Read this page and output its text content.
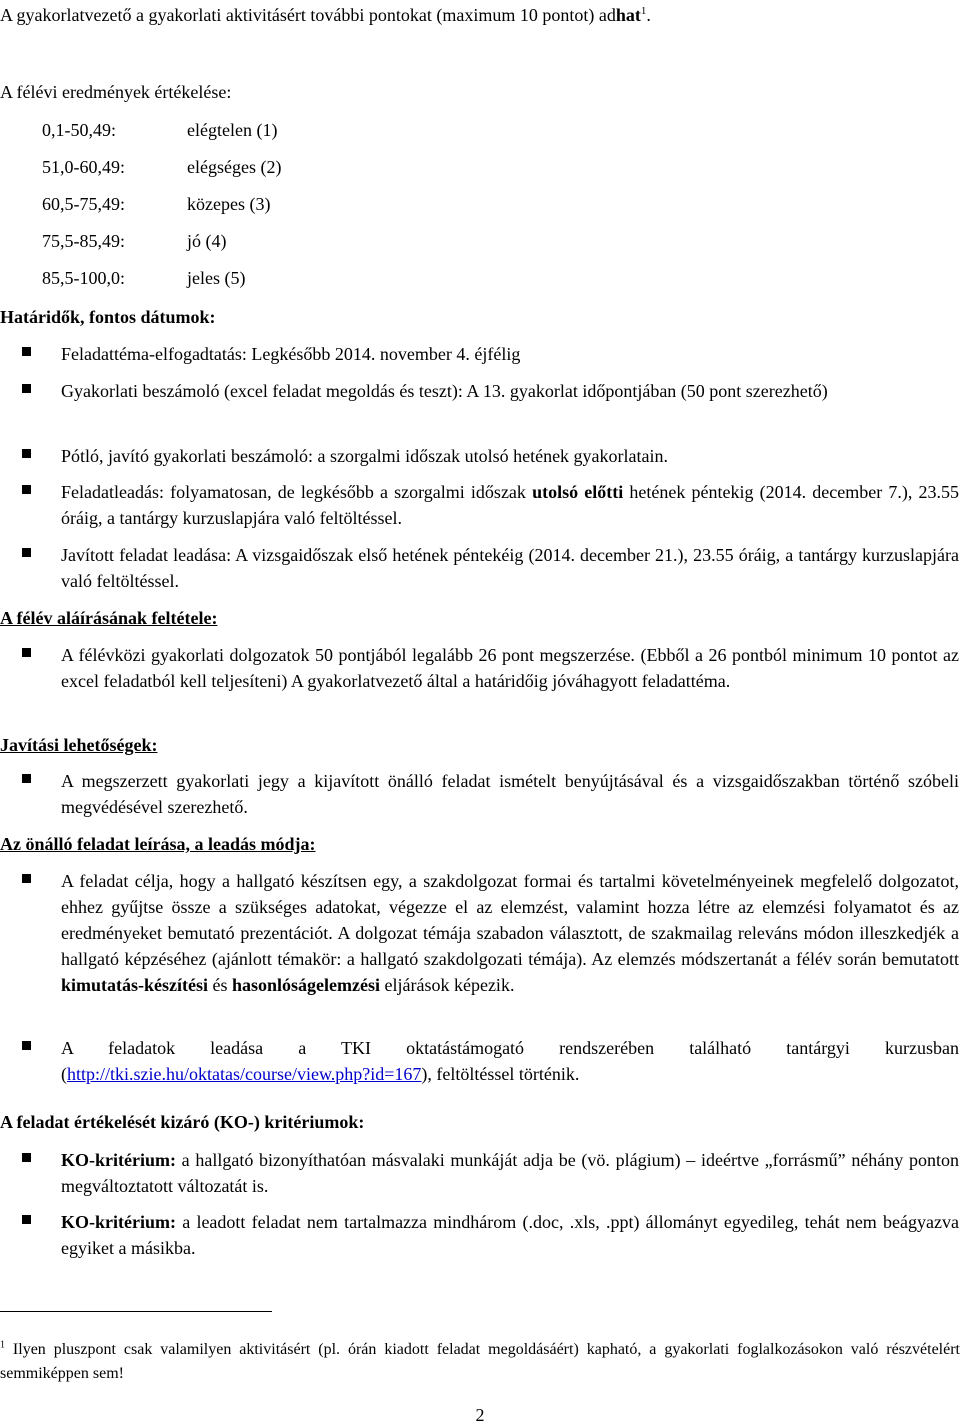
A gyakorlatvezető a gyakorlati aktivitásért további pontokat (maximum 10 pontot) adhat$^1$.

A félévi eredmények értékelése:

0,1-50,49:	elégtelen (1)
51,0-60,49:	elégséges (2)
60,5-75,49:	közepes (3)
75,5-85,49:	jó (4)
85,5-100,0:	jeles (5)

Határidők, fontos dátumok:

Feladattéma-elfogadtatás: Legkésőbb 2014. november 4. éjfélig
Gyakorlati beszámoló (excel feladat megoldás és teszt): A 13. gyakorlat időpontjában (50 pont szerezhető)
Pótló, javító gyakorlati beszámoló: a szorgalmi időszak utolsó hetének gyakorlatain.
Feladatleadás: folyamatosan, de legkésőbb a szorgalmi időszak utolsó előtti hetének péntekig (2014. december 7.), 23.55 óráig, a tantárgy kurzuslapjára való feltöltéssel.
Javított feladat leadása: A vizsgaidőszak első hetének péntekéig (2014. december 21.), 23.55 óráig, a tantárgy kurzuslapjára való feltöltéssel.

A félév aláírásának feltétele:

A félévközi gyakorlati dolgozatok 50 pontjából legalább 26 pont megszerzése. (Ebből a 26 pontból minimum 10 pontot az excel feladatból kell teljesíteni) A gyakorlatvezető által a határidőig jóváhagyott feladattéma.

Javítási lehetőségek:

A megszerzett gyakorlati jegy a kijavított önálló feladat ismételt benyújtásával és a vizsgaidőszakban történő szóbeli megvédésével szerezhető.

Az önálló feladat leírása, a leadás módja:

A feladat célja, hogy a hallgató készítsen egy, a szakdolgozat formai és tartalmi követelményeinek megfelelő dolgozatot, ehhez gyűjtse össze a szükséges adatokat, végezze el az elemzést, valamint hozza létre az elemzési folyamatot és az eredményeket bemutató prezentációt. A dolgozat témája szabadon választott, de szakmailag releváns módon illeszkedjék a hallgató képzéséhez (ajánlott témakör: a hallgató szakdolgozati témája). Az elemzés módszertanát a félév során bemutatott kimutatás-készítési és hasonlóságelemzési eljárások képezik.
A feladatok leadása a TKI oktatástámogató rendszerében található tantárgyi kurzusban (http://tki.szie.hu/oktatas/course/view.php?id=167), feltöltéssel történik.

A feladat értékelését kizáró (KO-) kritériumok:

KO-kritérium: a hallgató bizonyíthatóan másvalaki munkáját adja be (vö. plágium) – ideértve „forrásmű” néhány ponton megváltoztatott változatát is.
KO-kritérium: a leadott feladat nem tartalmazza mindhárom (.doc, .xls, .ppt) állományt egyedileg, tehát nem beágyazva egyiket a másikba.
$^1$ Ilyen pluszpont csak valamilyen aktivitásért (pl. órán kiadott feladat megoldásáért) kapható, a gyakorlati foglalkozásokon való részvételért semmiképpen sem!
2
